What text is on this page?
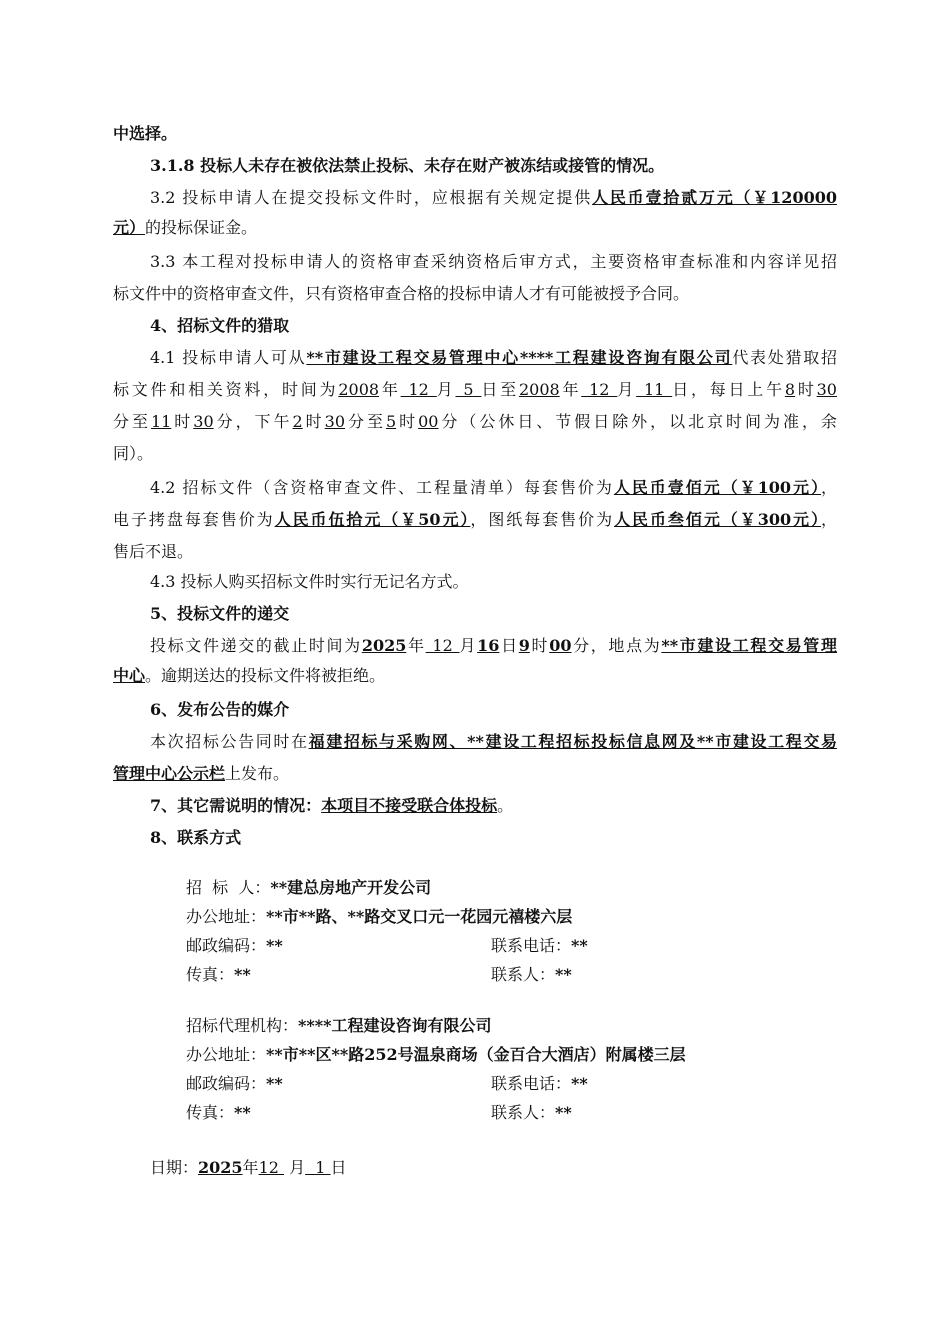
中选择。
3.1.8 投标人未存在被依法禁止投标、未存在财产被冻结或接管的情况。
3.2 投标申请人在提交投标文件时，应根据有关规定提供人民币壹拾贰万元（￥120000
元）的投标保证金。
3.3 本工程对投标申请人的资格审查采纳资格后审方式，主要资格审查标准和内容详见招
标文件中的资格审查文件，只有资格审查合格的投标申请人才有可能被授予合同。
4、招标文件的猎取
4.1 投标申请人可从**市建设工程交易管理中心****工程建设咨询有限公司代表处猎取招
标文件和相关资料，时间为2008年 12 月 5 日至2008年 12 月 11 日，每日上午8时30
分至11时30分，下午2时30分至5时00分（公休日、节假日除外，以北京时间为准，余
同）。
4.2 招标文件（含资格审查文件、工程量清单）每套售价为人民币壹佰元（￥100元），
电子拷盘每套售价为人民币伍拾元（￥50元），图纸每套售价为人民币叁佰元（￥300元），
售后不退。
4.3 投标人购买招标文件时实行无记名方式。
5、投标文件的递交
投标文件递交的截止时间为2025年 12 月16日9时00分，地点为**市建设工程交易管理
中心。逾期送达的投标文件将被拒绝。
6、发布公告的媒介
本次招标公告同时在福建招标与采购网、**建设工程招标投标信息网及**市建设工程交易
管理中心公示栏上发布。
7、其它需说明的情况：本项目不接受联合体投标。
8、联系方式
招  标  人：**建总房地产开发公司
办公地址：**市**路、**路交叉口元一花园元禧楼六层
邮政编码：**	联系电话：**
传真：**	联系人：**
招标代理机构：****工程建设咨询有限公司
办公地址：**市**区**路252号温泉商场（金百合大酒店）附属楼三层
邮政编码：**	联系电话：**
传真：**	联系人：**
日期：2025年12  月  1 日
